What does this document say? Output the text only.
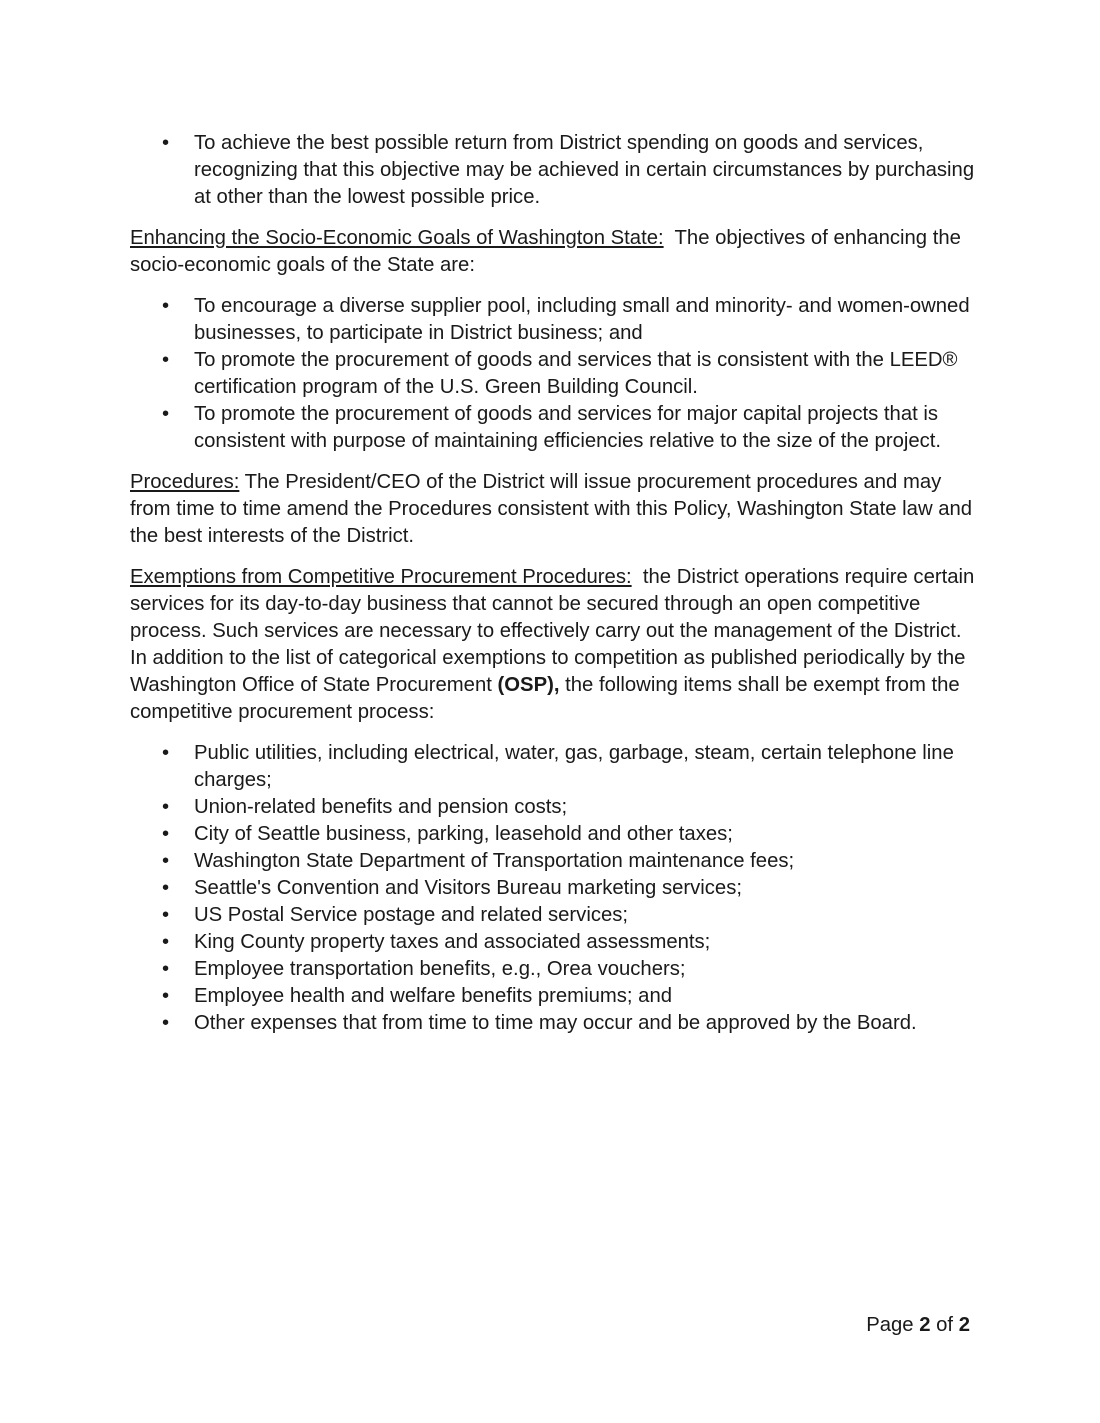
• To achieve the best possible return from District spending on goods and services, recognizing that this objective may be achieved in certain circumstances by purchasing at other than the lowest possible price.

Enhancing the Socio-Economic Goals of Washington State: The objectives of enhancing the socio-economic goals of the State are:

• To encourage a diverse supplier pool, including small and minority- and women-owned businesses, to participate in District business; and
• To promote the procurement of goods and services that is consistent with the LEED® certification program of the U.S. Green Building Council.
• To promote the procurement of goods and services for major capital projects that is consistent with purpose of maintaining efficiencies relative to the size of the project.

Procedures: The President/CEO of the District will issue procurement procedures and may from time to time amend the Procedures consistent with this Policy, Washington State law and the best interests of the District.

Exemptions from Competitive Procurement Procedures: the District operations require certain services for its day-to-day business that cannot be secured through an open competitive process. Such services are necessary to effectively carry out the management of the District. In addition to the list of categorical exemptions to competition as published periodically by the Washington Office of State Procurement (OSP), the following items shall be exempt from the competitive procurement process:

• Public utilities, including electrical, water, gas, garbage, steam, certain telephone line charges;
• Union-related benefits and pension costs;
• City of Seattle business, parking, leasehold and other taxes;
• Washington State Department of Transportation maintenance fees;
• Seattle's Convention and Visitors Bureau marketing services;
• US Postal Service postage and related services;
• King County property taxes and associated assessments;
• Employee transportation benefits, e.g., Orea vouchers;
• Employee health and welfare benefits premiums; and
• Other expenses that from time to time may occur and be approved by the Board.
Page 2 of 2
